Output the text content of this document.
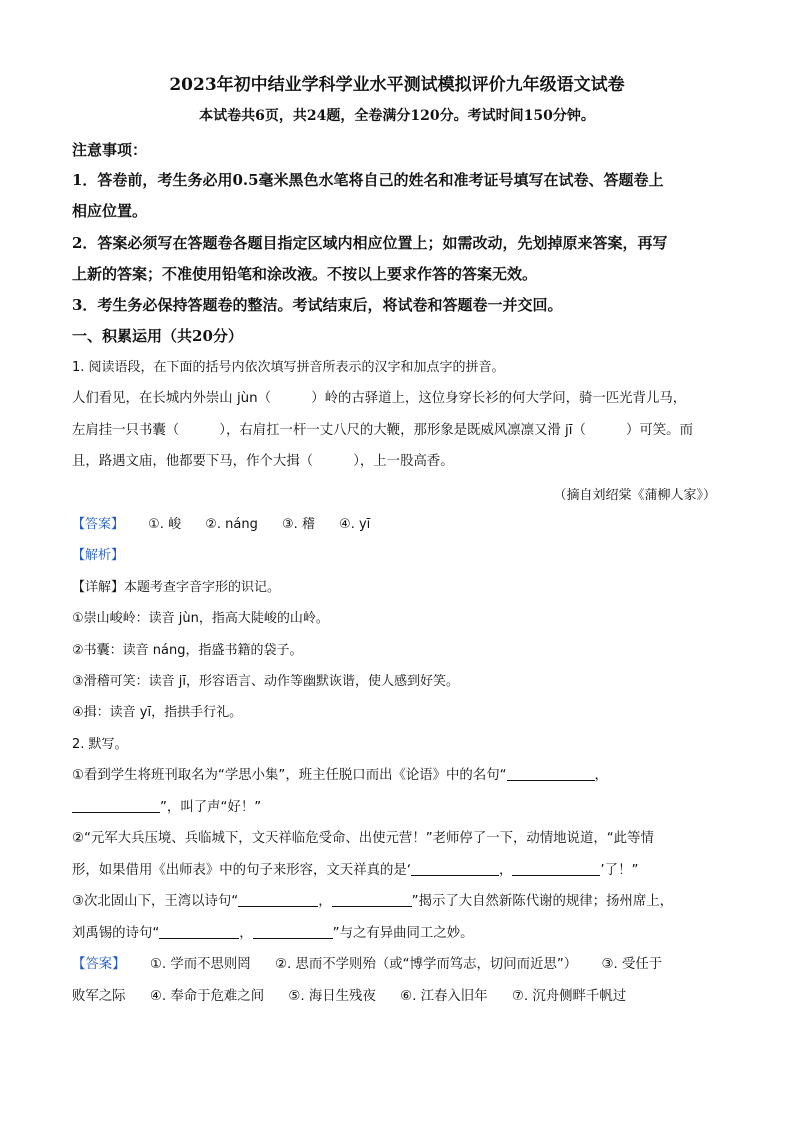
2023年初中结业学科学业水平测试模拟评价九年级语文试卷
本试卷共6页，共24题，全卷满分120分。考试时间150分钟。
注意事项：
1．答卷前，考生务必用0.5毫米黑色水笔将自己的姓名和准考证号填写在试卷、答题卷上
相应位置。
2．答案必须写在答题卷各题目指定区域内相应位置上；如需改动，先划掉原来答案，再写
上新的答案；不准使用铅笔和涂改液。不按以上要求作答的答案无效。
3．考生务必保持答题卷的整洁。考试结束后，将试卷和答题卷一并交回。
一、积累运用（共20分）
1. 阅读语段，在下面的括号内依次填写拼音所表示的汉字和加点字的拼音。
人们看见，在长城内外崇山 jùn（　　　）岭的古驿道上，这位身穿长衫的何大学问，骑一匹光背儿马，
左肩挂一只书囊（　　　），右肩扛一杆一丈八尺的大鞭，那形象是既威风凛凛又滑 jī（　　　）可笑。而
且，路遇文庙，他都要下马，作个大揖（　　　），上一股高香。
（摘自刘绍棠《蒲柳人家》）
【答案】 ①. 峻 ②. náng ③. 稽 ④. yī
【解析】
【详解】本题考查字音字形的识记。
①崇山峻岭：读音 jùn，指高大陡峻的山岭。
②书囊：读音 náng，指盛书籍的袋子。
③滑稽可笑：读音 jī，形容语言、动作等幽默诙谐，使人感到好笑。
④揖：读音 yī，指拱手行礼。
2. 默写。
①看到学生将班刊取名为“学思小集”，班主任脱口而出《论语》中的名句“	，
”，叫了声“好！”
②“元军大兵压境、兵临城下，文天祥临危受命、出使元营！”老师停了一下，动情地说道，“此等情
形，如果借用《出师表》中的句子来形容，文天祥真的是‘	，	’了！”
③次北固山下，王湾以诗句“	，	”揭示了大自然新陈代谢的规律；扬州席上，
刘禹锡的诗句“	，	”与之有异曲同工之妙。
【答案】 ①. 学而不思则罔 ②. 思而不学则殆（或“博学而笃志，切问而近思”） ③. 受任于
败军之际 ④. 奉命于危难之间 ⑤. 海日生残夜 ⑥. 江春入旧年 ⑦. 沉舟侧畔千帆过
